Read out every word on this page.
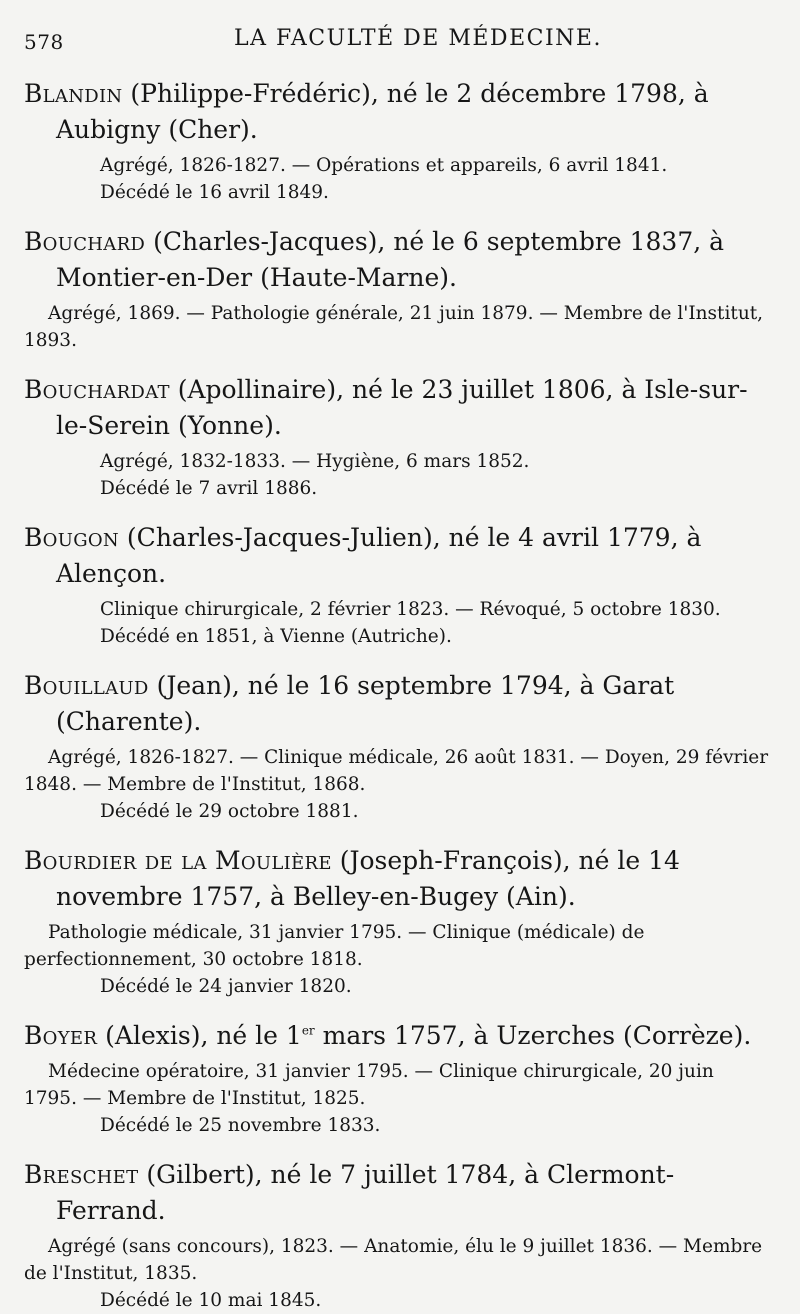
578	LA FACULTÉ DE MÉDECINE.

Blandin (Philippe-Frédéric), né le 2 décembre 1798, à Aubigny (Cher).

Agrégé, 1826-1827. — Opérations et appareils, 6 avril 1841.
Décédé le 16 avril 1849.

Bouchard (Charles-Jacques), né le 6 septembre 1837, à Montier-en-Der (Haute-Marne).

Agrégé, 1869. — Pathologie générale, 21 juin 1879. — Membre de l'Institut, 1893.

Bouchardat (Apollinaire), né le 23 juillet 1806, à Isle-sur-le-Serein (Yonne).

Agrégé, 1832-1833. — Hygiène, 6 mars 1852.
Décédé le 7 avril 1886.

Bougon (Charles-Jacques-Julien), né le 4 avril 1779, à Alençon.

Clinique chirurgicale, 2 février 1823. — Révoqué, 5 octobre 1830.
Décédé en 1851, à Vienne (Autriche).

Bouillaud (Jean), né le 16 septembre 1794, à Garat (Charente).

Agrégé, 1826-1827. — Clinique médicale, 26 août 1831. — Doyen, 29 février 1848. — Membre de l'Institut, 1868.
Décédé le 29 octobre 1881.

Bourdier de la Moulière (Joseph-François), né le 14 novembre 1757, à Belley-en-Bugey (Ain).

Pathologie médicale, 31 janvier 1795. — Clinique (médicale) de perfectionnement, 30 octobre 1818.
Décédé le 24 janvier 1820.

Boyer (Alexis), né le 1er mars 1757, à Uzerches (Corrèze).

Médecine opératoire, 31 janvier 1795. — Clinique chirurgicale, 20 juin 1795. — Membre de l'Institut, 1825.
Décédé le 25 novembre 1833.

Breschet (Gilbert), né le 7 juillet 1784, à Clermont-Ferrand.

Agrégé (sans concours), 1823. — Anatomie, élu le 9 juillet 1836. — Membre de l'Institut, 1835.
Décédé le 10 mai 1845.
